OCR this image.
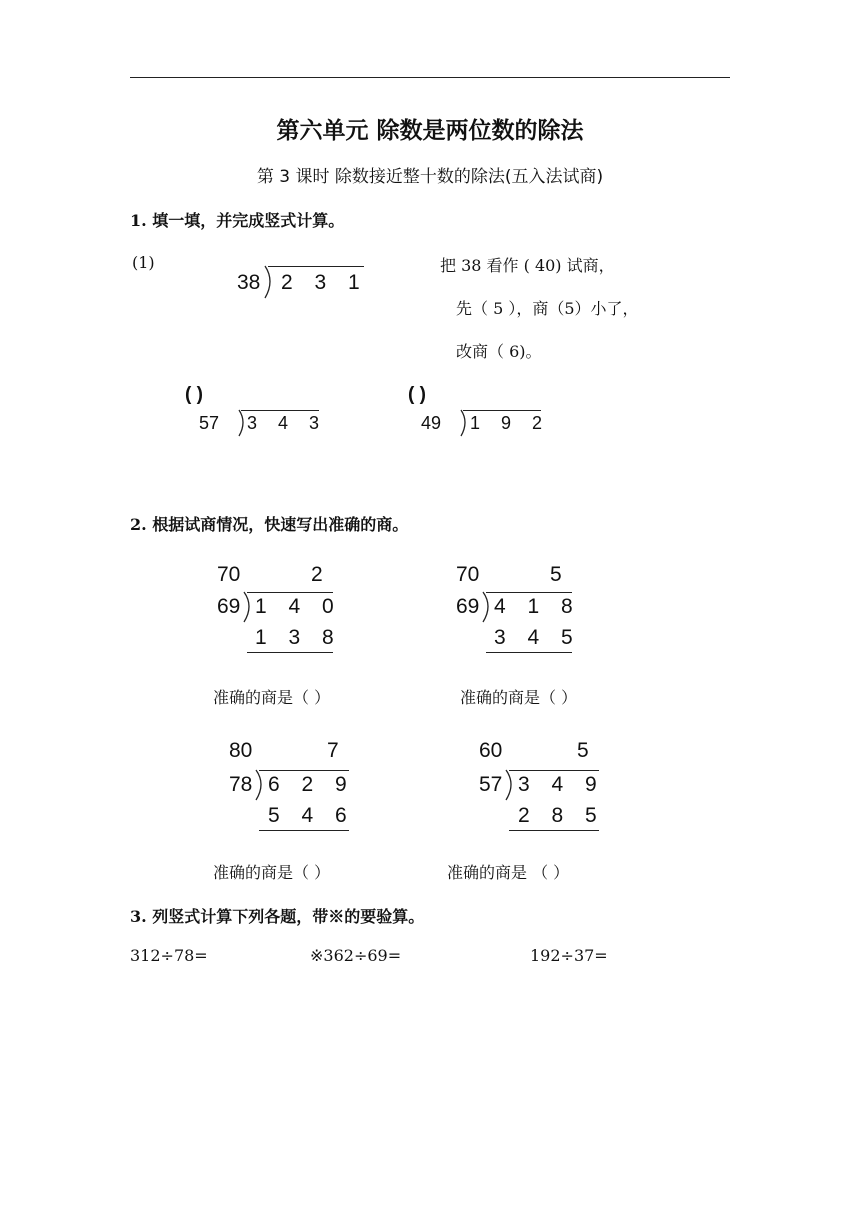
第六单元 除数是两位数的除法
第 3 课时 除数接近整十数的除法(五入法试商)
1. 填一填，并完成竖式计算。
(1)
38 2 3 1
把 38 看作 ( 40) 试商，
先（ 5 ），商（5）小了，
改商（ 6)。
( )
57 3 4 3
( )
49 1 9 2
2. 根据试商情况，快速写出准确的商。
70	2
69 1 4 0
1 3 8
准确的商是（ ）
70	5
69 4 1 8
3 4 5
准确的商是（ ）
80	7
78 6 2 9
5 4 6
准确的商是（ ）
60	5
57 3 4 9
2 8 5
准确的商是 （ ）
3. 列竖式计算下列各题，带※的要验算。
312÷78=	※362÷69=	192÷37=
